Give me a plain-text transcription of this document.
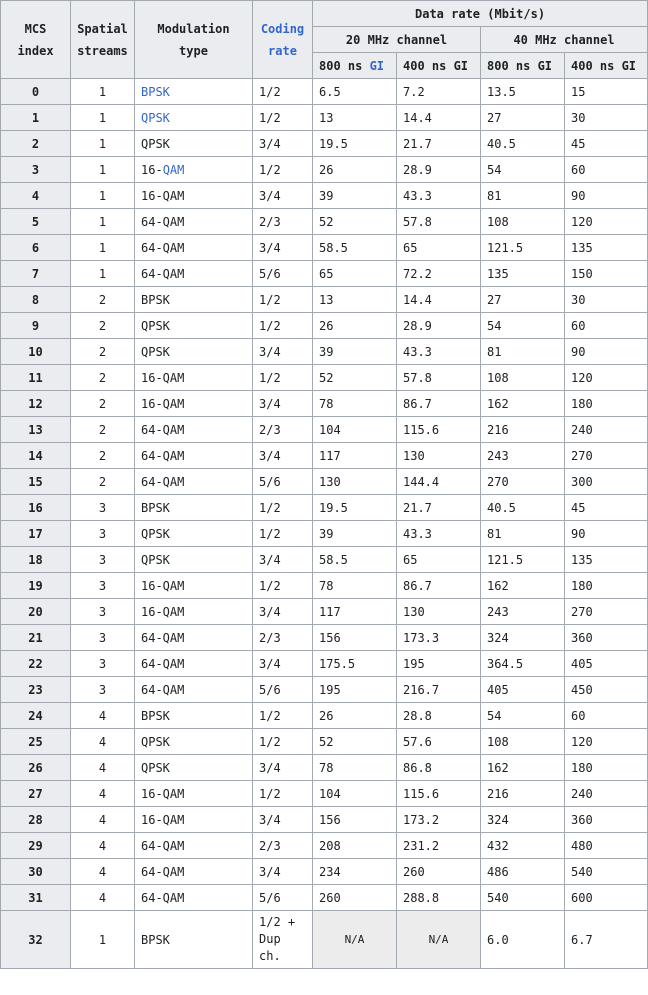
MCS index	Spatial streams	Modulation type	Coding rate	Data rate (Mbit/s)			
				20 MHz channel		40 MHz channel	
				800 ns GI	400 ns GI	800 ns GI	400 ns GI
0	1	BPSK	1/2	6.5	7.2	13.5	15
1	1	QPSK	1/2	13	14.4	27	30
2	1	QPSK	3/4	19.5	21.7	40.5	45
3	1	16-QAM	1/2	26	28.9	54	60
4	1	16-QAM	3/4	39	43.3	81	90
5	1	64-QAM	2/3	52	57.8	108	120
6	1	64-QAM	3/4	58.5	65	121.5	135
7	1	64-QAM	5/6	65	72.2	135	150
8	2	BPSK	1/2	13	14.4	27	30
9	2	QPSK	1/2	26	28.9	54	60
10	2	QPSK	3/4	39	43.3	81	90
11	2	16-QAM	1/2	52	57.8	108	120
12	2	16-QAM	3/4	78	86.7	162	180
13	2	64-QAM	2/3	104	115.6	216	240
14	2	64-QAM	3/4	117	130	243	270
15	2	64-QAM	5/6	130	144.4	270	300
16	3	BPSK	1/2	19.5	21.7	40.5	45
17	3	QPSK	1/2	39	43.3	81	90
18	3	QPSK	3/4	58.5	65	121.5	135
19	3	16-QAM	1/2	78	86.7	162	180
20	3	16-QAM	3/4	117	130	243	270
21	3	64-QAM	2/3	156	173.3	324	360
22	3	64-QAM	3/4	175.5	195	364.5	405
23	3	64-QAM	5/6	195	216.7	405	450
24	4	BPSK	1/2	26	28.8	54	60
25	4	QPSK	1/2	52	57.6	108	120
26	4	QPSK	3/4	78	86.8	162	180
27	4	16-QAM	1/2	104	115.6	216	240
28	4	16-QAM	3/4	156	173.2	324	360
29	4	64-QAM	2/3	208	231.2	432	480
30	4	64-QAM	3/4	234	260	486	540
31	4	64-QAM	5/6	260	288.8	540	600
32	1	BPSK	1/2 + Dup ch.	N/A	N/A	6.0	6.7
